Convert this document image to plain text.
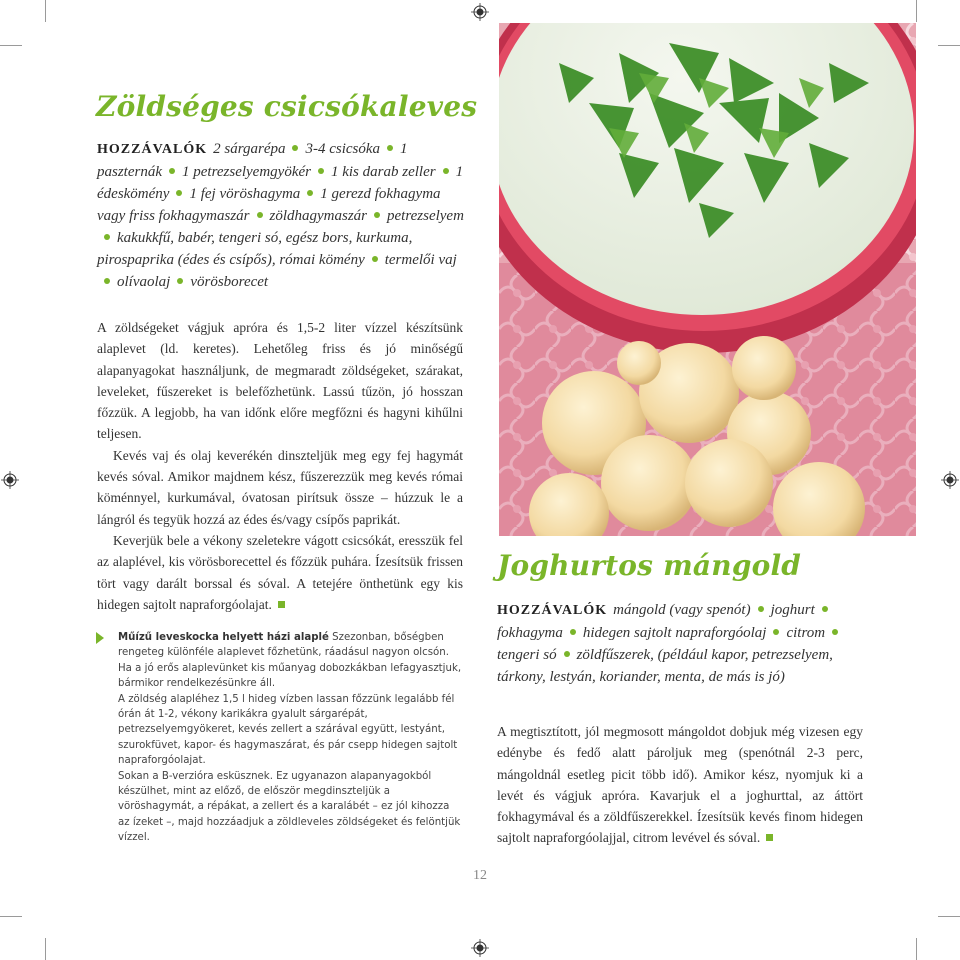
Zöldséges csicsókaleves
HOZZÁVALÓK 2 sárgarépa 3-4 csicsóka 1 paszternák 1 petrezselyemgyökér 1 kis darab zeller 1 édeskömény 1 fej vöröshagyma 1 gerezd fokhagyma vagy friss fokhagymaszár zöldhagymaszár petrezselyemkakukkfű, babér, tengeri só, egész bors, kurkuma, pirospaprika (édes és csípős), római kömény termelői vajolívaolaj vörösborecet

A zöldségeket vágjuk apróra és 1,5-2 liter vízzel készítsünk alaplevet (ld. keretes). Lehetőleg friss és jó minőségű alapanyagokat használjunk, de megmaradt zöldségeket, szárakat, leveleket, fűszereket is belefőzhetünk. Lassú tűzön, jó hosszan főzzük. A legjobb, ha van időnk előre megfőzni és hagyni kihűlni teljesen.

Kevés vaj és olaj keverékén dinszteljük meg egy fej hagymát kevés sóval. Amikor majdnem kész, fűszerezzük meg kevés római köménnyel, kurkumával, óvatosan pirítsuk össze – húzzuk le a lángról és tegyük hozzá az édes és/vagy csípős paprikát.

Keverjük bele a vékony szeletekre vágott csicsókát, eresszük fel az alaplével, kis vörösborecettel és főzzük puhára. Ízesítsük frissen tört vagy darált borssal és sóval. A tetejére önthetünk egy kis hidegen sajtolt napraforgóolajat.

Műízű leveskocka helyett házi alaplé Szezonban, bőségben rengeteg különféle alaplevet főzhetünk, ráadásul nagyon olcsón. Ha a jó erős alaplevünket kis műanyag dobozkákban lefagyasztjuk, bármikor rendelkezésünkre áll.

A zöldség alapléhez 1,5 l hideg vízben lassan főzzünk legalább fél órán át 1-2, vékony karikákra gyalult sárgarépát, petrezselyemgyökeret, kevés zellert a szárával együtt, lestyánt, szurokfüvet, kapor- és hagymaszárat, és pár csepp hidegen sajtolt napraforgóolajat.

Sokan a B-verzióra esküsznek. Ez ugyanazon alapanyagokból készülhet, mint az előző, de először megdinszteljük a vöröshagymát, a répákat, a zellert és a karalábét – ez jól kihozza az ízeket –, majd hozzáadjuk a zöldleveles zöldségeket és felöntjük vízzel.

Joghurtos mángold
HOZZÁVALÓK mángold (vagy spenót) joghurtfokhagyma hidegen sajtolt napraforgóolaj citromtengeri só zöldfűszerek, (például kapor, petrezselyem, tárkony, lestyán, koriander, menta, de más is jó)

A megtisztított, jól megmosott mángoldot dobjuk még vizesen egy edénybe és fedő alatt pároljuk meg (spenótnál 2-3 perc, mángoldnál esetleg picit több idő). Amikor kész, nyomjuk ki a levét és vágjuk apróra. Kavarjuk el a joghurttal, az áttört fokhagymával és a zöldfűszerekkel. Ízesítsük kevés finom hidegen sajtolt napraforgóolajjal, citrom levével és sóval.

12
